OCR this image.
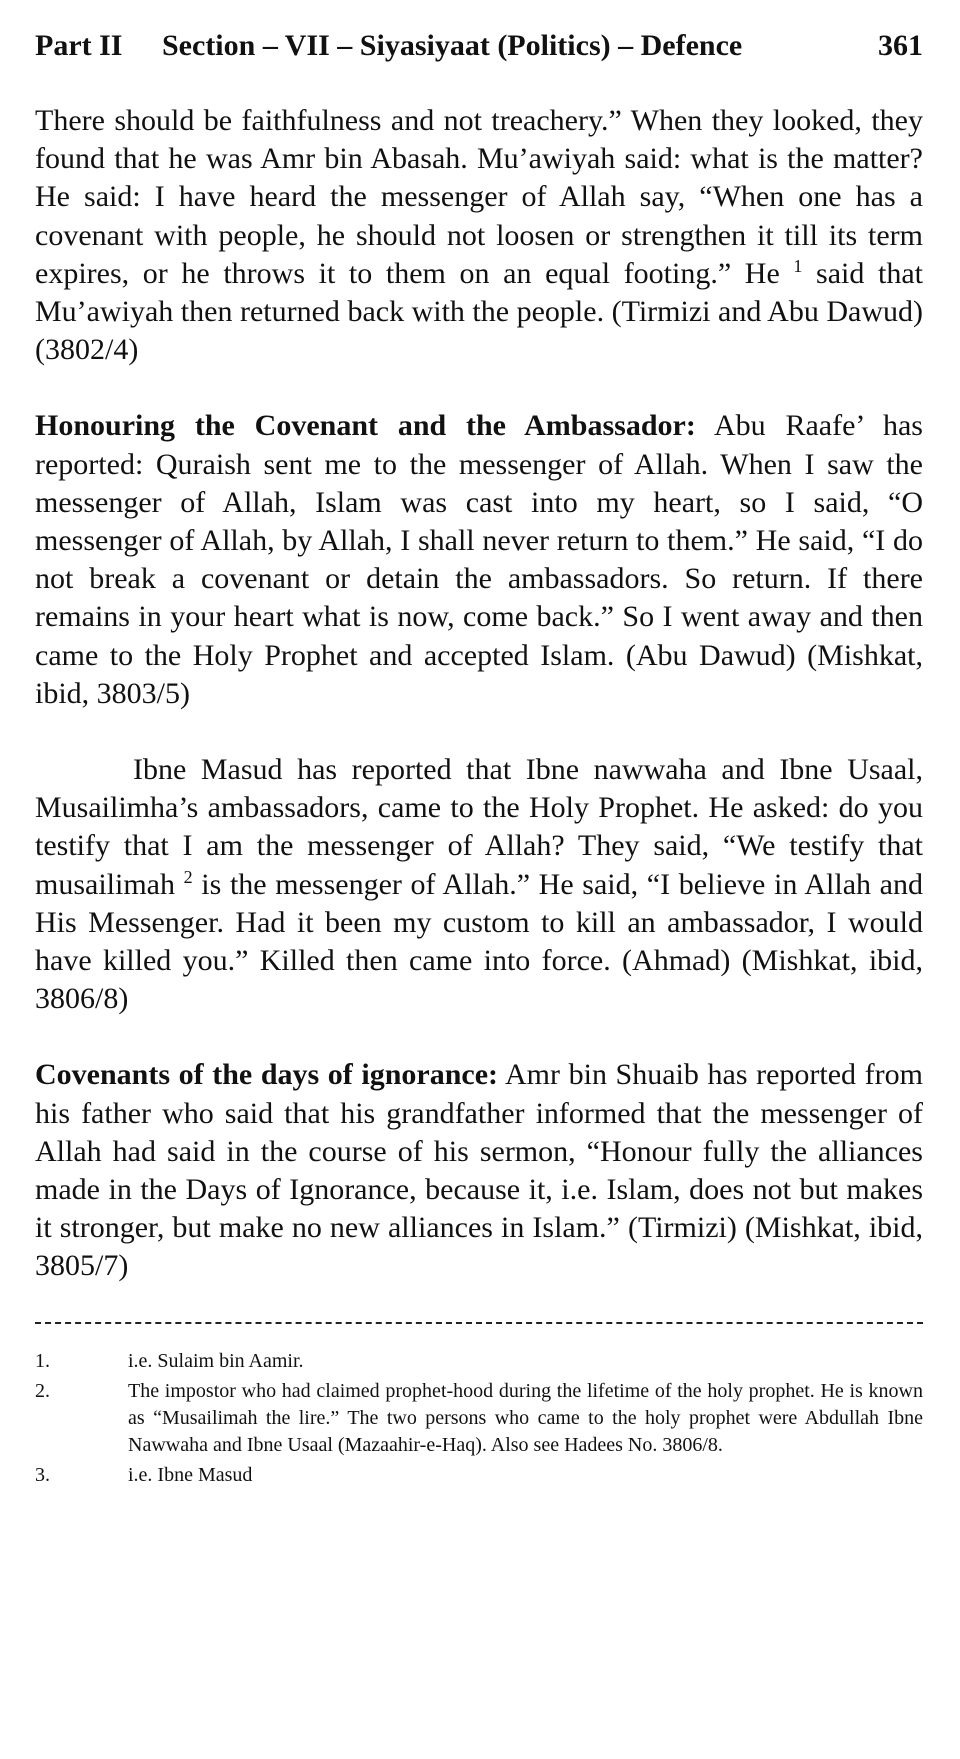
Part II Section – VII – Siyasiyaat (Politics) – Defence	361

There should be faithfulness and not treachery.” When they looked, they found that he was Amr bin Abasah. Mu’awiyah said: what is the matter? He said: I have heard the messenger of Allah say, “When one has a covenant with people, he should not loosen or strengthen it till its term expires, or he throws it to them on an equal footing.” He $^1$ said that Mu’awiyah then returned back with the people. (Tirmizi and Abu Dawud) (3802/4)

Honouring the Covenant and the Ambassador: Abu Raafe’ has reported: Quraish sent me to the messenger of Allah. When I saw the messenger of Allah, Islam was cast into my heart, so I said, “O messenger of Allah, by Allah, I shall never return to them.” He said, “I do not break a covenant or detain the ambassadors. So return. If there remains in your heart what is now, come back.” So I went away and then came to the Holy Prophet and accepted Islam. (Abu Dawud) (Mishkat, ibid, 3803/5)

Ibne Masud has reported that Ibne nawwaha and Ibne Usaal, Musailimha’s ambassadors, came to the Holy Prophet. He asked: do you testify that I am the messenger of Allah? They said, “We testify that musailimah $^2$ is the messenger of Allah.” He said, “I believe in Allah and His Messenger. Had it been my custom to kill an ambassador, I would have killed you.” Killed then came into force. (Ahmad) (Mishkat, ibid, 3806/8)

Covenants of the days of ignorance: Amr bin Shuaib has reported from his father who said that his grandfather informed that the messenger of Allah had said in the course of his sermon, “Honour fully the alliances made in the Days of Ignorance, because it, i.e. Islam, does not but makes it stronger, but make no new alliances in Islam.” (Tirmizi) (Mishkat, ibid, 3805/7)

1.	i.e. Sulaim bin Aamir.
2.	The impostor who had claimed prophet-hood during the lifetime of the holy prophet. He is known as “Musailimah the lire.” The two persons who came to the holy prophet were Abdullah Ibne Nawwaha and Ibne Usaal (Mazaahir-e-Haq). Also see Hadees No. 3806/8.
3.	i.e. Ibne Masud
